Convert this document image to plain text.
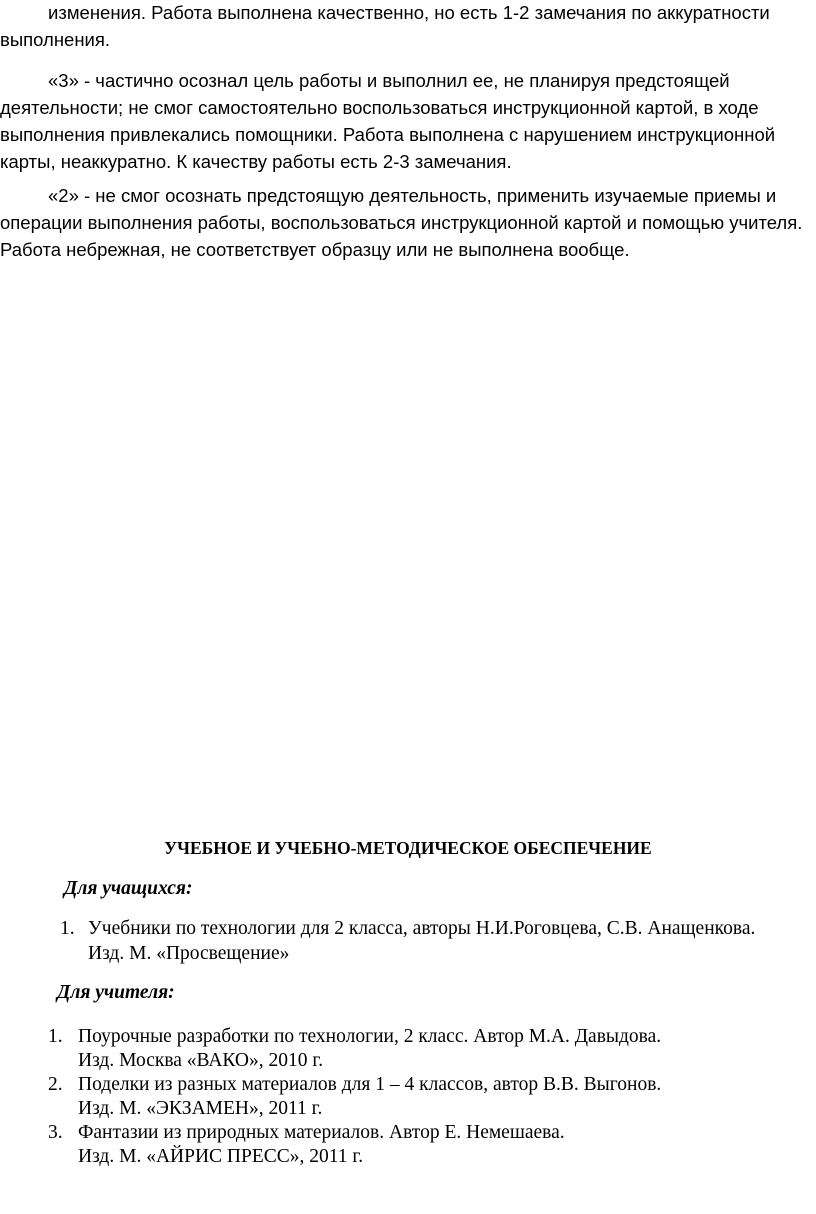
изменения. Работа выполнена качественно, но есть 1-2 замечания по аккуратности
выполнения.

«3» - частично осознал цель работы и выполнил ее, не планируя предстоящей деятельности; не смог самостоятельно воспользоваться инструкционной картой, в ходе выполнения привлекались помощники. Работа выполнена с нарушением инструкционной карты, неаккуратно. К качеству работы есть 2-3 замечания.

«2» - не смог осознать предстоящую деятельность, применить изучаемые приемы и операции выполнения работы, воспользоваться инструкционной картой и помощью учителя. Работа небрежная, не соответствует образцу или не выполнена вообще.

УЧЕБНОЕ И УЧЕБНО-МЕТОДИЧЕСКОЕ ОБЕСПЕЧЕНИЕ
Для учащихся:
1. Учебники по технологии для 2 класса, авторы Н.И.Роговцева, С.В. Анащенкова.
Изд. М. «Просвещение»
Для учителя:
1. Поурочные разработки по технологии, 2 класс. Автор М.А. Давыдова.
Изд. Москва «ВАКО», 2010 г.
2. Поделки из разных материалов для 1 – 4 классов, автор В.В. Выгонов.
Изд. М. «ЭКЗАМЕН», 2011 г.
3. Фантазии из природных материалов. Автор Е. Немешаева.
Изд. М. «АЙРИС ПРЕСС», 2011 г.
